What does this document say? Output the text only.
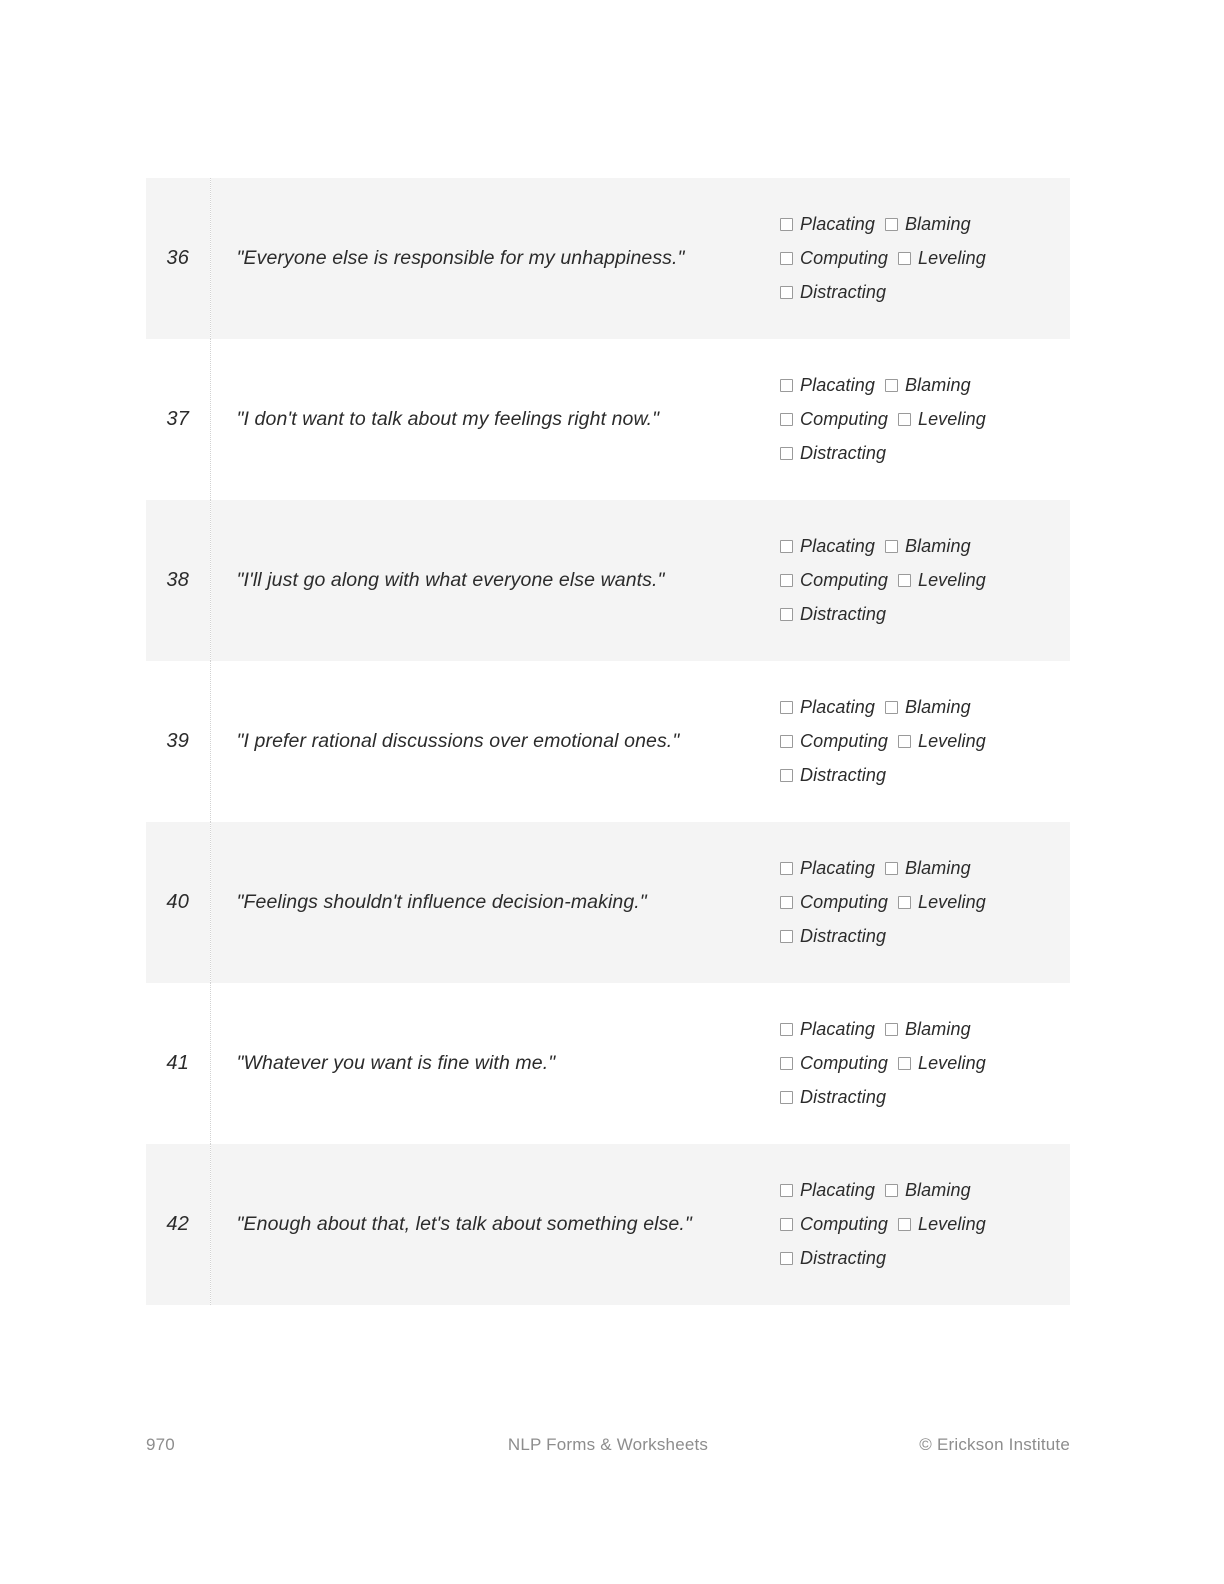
36	"Everyone else is responsible for my unhappiness."	Placating BlamingComputing LevelingDistracting

37	"I don't want to talk about my feelings right now."	Placating BlamingComputing LevelingDistracting

38	"I'll just go along with what everyone else wants."	Placating BlamingComputing LevelingDistracting

39	"I prefer rational discussions over emotional ones."	Placating BlamingComputing LevelingDistracting

40	"Feelings shouldn't influence decision-making."	Placating BlamingComputing LevelingDistracting

41	"Whatever you want is fine with me."	Placating BlamingComputing LevelingDistracting

42	"Enough about that, let's talk about something else."	Placating BlamingComputing LevelingDistracting
970	NLP Forms & Worksheets	© Erickson Institute
